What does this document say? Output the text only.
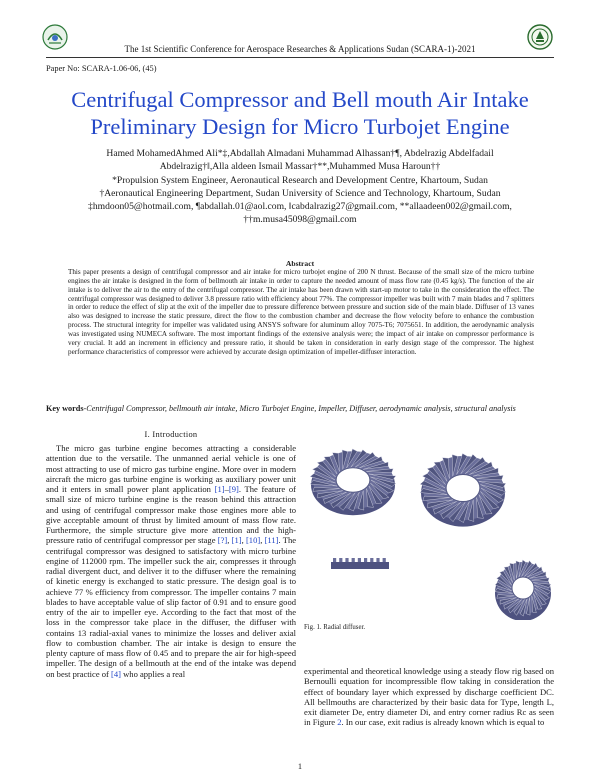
The 1st Scientific Conference for Aerospace Researches & Applications Sudan (SCARA-1)-2021
Paper No: SCARA-1.06-06, (45)
Centrifugal Compressor and Bell mouth Air Intake
Preliminary Design for Micro Turbojet Engine
Hamed MohamedAhmed Ali*‡,Abdallah Almadani Muhammad Alhassan†¶, Abdelrazig Abdelfadail
Abdelrazig†‖,Alla aldeen Ismail Massar†**,Muhammed Musa Haroun††
*Propulsion System Engineer, Aeronautical Research and Development Centre, Khartoum, Sudan
†Aeronautical Engineering Department, Sudan University of Science and Technology, Khartoum, Sudan
‡hmdoon05@hotmail.com, ¶abdallah.01@aol.com, ‖cabdalrazig27@gmail.com, **allaadeen002@gmail.com,
††m.musa45098@gmail.com
Abstract
This paper presents a design of centrifugal compressor and air intake for micro turbojet engine of 200 N thrust. Because of the small size of the micro turbine engines the air intake is designed in the form of bellmouth air intake in order to capture the needed amount of mass flow rate (0.45 kg/s). The function of the air intake is to deliver the air to the entry of the centrifugal compressor. The air intake has been drawn with start-up motor to take in the consideration the effect. The centrifugal compressor was designed to deliver 3.8 pressure ratio with efficiency about 77%. The compressor impeller was built with 7 main blades and 7 splitters in order to reduce the effect of slip at the exit of the impeller due to pressure difference between pressure and suction side of the main blade. Diffuser of 13 vanes also was designed to increase the static pressure, direct the flow to the combustion chamber and decrease the flow velocity before to enhance the combustion process. The structural integrity for impeller was validated using ANSYS software for aluminum alloy 7075-T6; 7075651. In addition, the aerodynamic analysis was investigated using NUMECA software. The most important findings of the extensive analysis were; the impact of air intake on compressor performance is very crucial. It add an increment in efficiency and pressure ratio, it should be taken in consideration in early design stage of the compressor. The highest performance characteristics of compressor were achieved by accurate design optimization of impeller-diffuser interaction.
Key words-Centrifugal Compressor, bellmouth air intake, Micro Turbojet Engine, Impeller, Diffuser, aerodynamic analysis, structural analysis
I. Introduction

The micro gas turbine engine becomes attracting a considerable attention due to the versatile. The unmanned aerial vehicle is one of most attracting to use of micro gas turbine engine. More over in modern aircraft the micro gas turbine engine is working as auxiliary power unit and it enters in small power plant application [1]–[9]. The feature of small size of micro turbine engine is the reason behind this attraction and using of centrifugal compressor make those engines more able to give acceptable amount of thrust by limited amount of mass flow rate. Furthermore, the simple structure give more attention and the high-pressure ratio of centrifugal compressor per stage [?], [1], [10], [11]. The centrifugal compressor was designed to satisfactory with micro turbine engine of 112000 rpm. The impeller suck the air, compresses it through radial divergent duct, and deliver it to the diffuser where the remaining of kinetic energy is exchanged to static pressure. The design goal is to achieve 77 % efficiency from compressor. The impeller contains 7 main blades to have acceptable value of slip factor of 0.91 and to ensure good entry of the air to impeller eye. According to the fact that most of the loss in the compressor take place in the diffuser, the diffuser with contains 13 radial-axial vanes to minimize the losses and deliver axial flow to combustion chamber. The air intake is design to ensure the plenty capture of mass flow of 0.45 and to prepare the air for high-speed impeller. The design of a bellmouth at the end of the intake was depend on best practice of [4] who applies a real

Fig. 1. Radial diffuser.

experimental and theoretical knowledge using a steady flow rig based on Bernoulli equation for incompressible flow taking in consideration the effect of boundary layer which expressed by discharge coefficient DC. All bellmouths are characterized by their basic data for Type, length L, exit diameter De, entry diameter Di, and entry corner radius Rc as seen in Figure 2. In our case, exit radius is already known which is equal to

1
